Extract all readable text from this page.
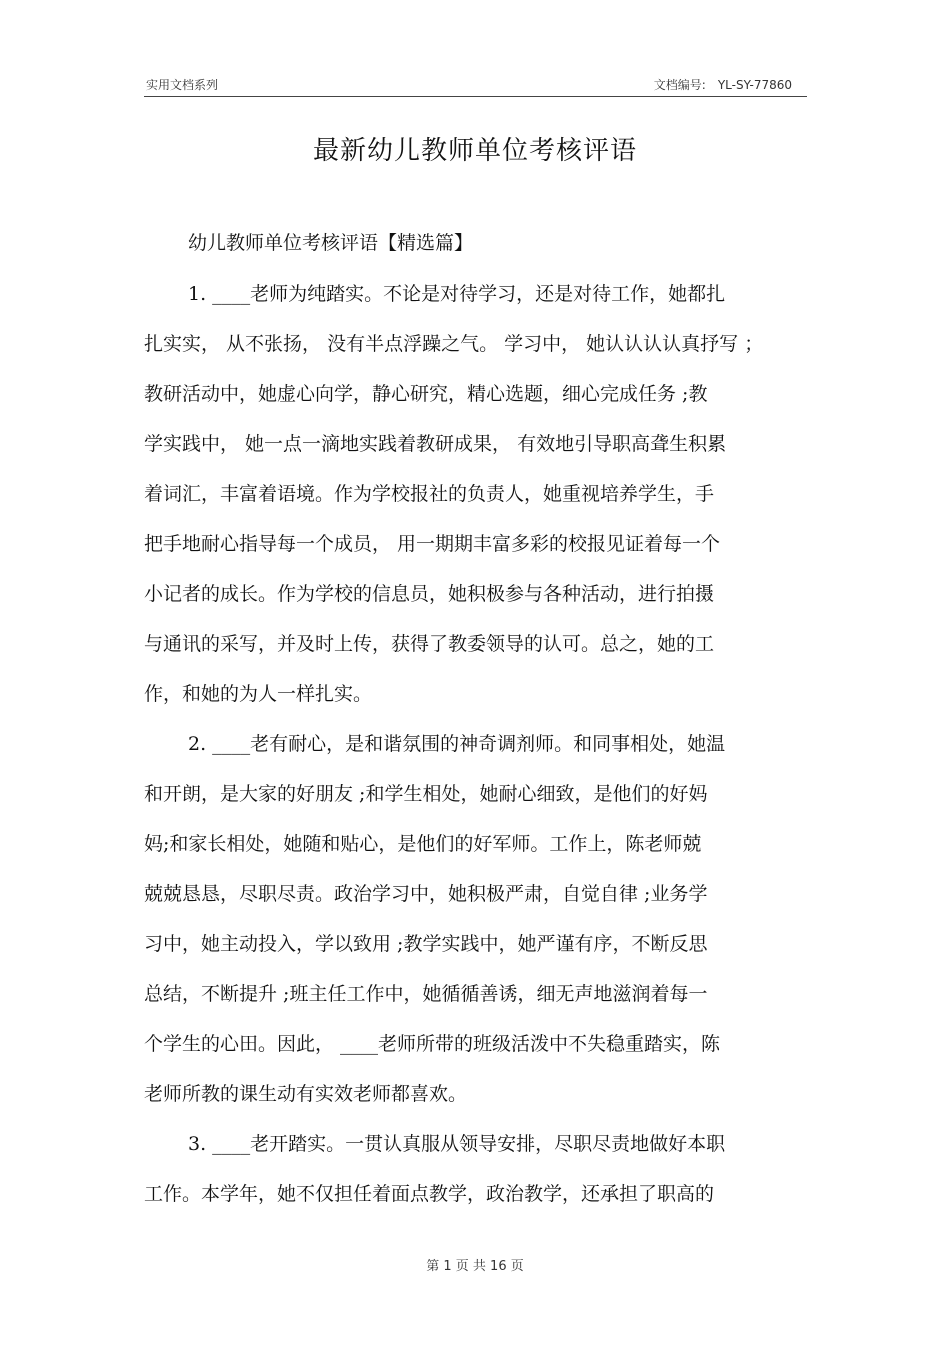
实用文档系列	文档编号: YL-SY-77860
最新幼儿教师单位考核评语
幼儿教师单位考核评语【精选篇】
1. ____老师为纯踏实。不论是对待学习，还是对待工作，她都扎
扎实实， 从不张扬， 没有半点浮躁之气。 学习中， 她认认认认真抒写 ；
教研活动中，她虚心向学，静心研究，精心选题，细心完成任务 ;教
学实践中， 她一点一滴地实践着教研成果， 有效地引导职高聋生积累
着词汇，丰富着语境。作为学校报社的负责人，她重视培养学生，手
把手地耐心指导每一个成员， 用一期期丰富多彩的校报见证着每一个
小记者的成长。作为学校的信息员，她积极参与各种活动，进行拍摄
与通讯的采写，并及时上传，获得了教委领导的认可。总之，她的工
作，和她的为人一样扎实。
2. ____老有耐心，是和谐氛围的神奇调剂师。和同事相处，她温
和开朗，是大家的好朋友 ;和学生相处，她耐心细致，是他们的好妈
妈;和家长相处，她随和贴心，是他们的好军师。工作上，陈老师兢
兢兢恳恳，尽职尽责。政治学习中，她积极严肃，自觉自律 ;业务学
习中，她主动投入，学以致用 ;教学实践中，她严谨有序，不断反思
总结，不断提升 ;班主任工作中，她循循善诱，细无声地滋润着每一
个学生的心田。因此， ____老师所带的班级活泼中不失稳重踏实，陈
老师所教的课生动有实效老师都喜欢。
3. ____老开踏实。一贯认真服从领导安排，尽职尽责地做好本职
工作。本学年，她不仅担任着面点教学，政治教学，还承担了职高的
第 1 页 共 16 页
